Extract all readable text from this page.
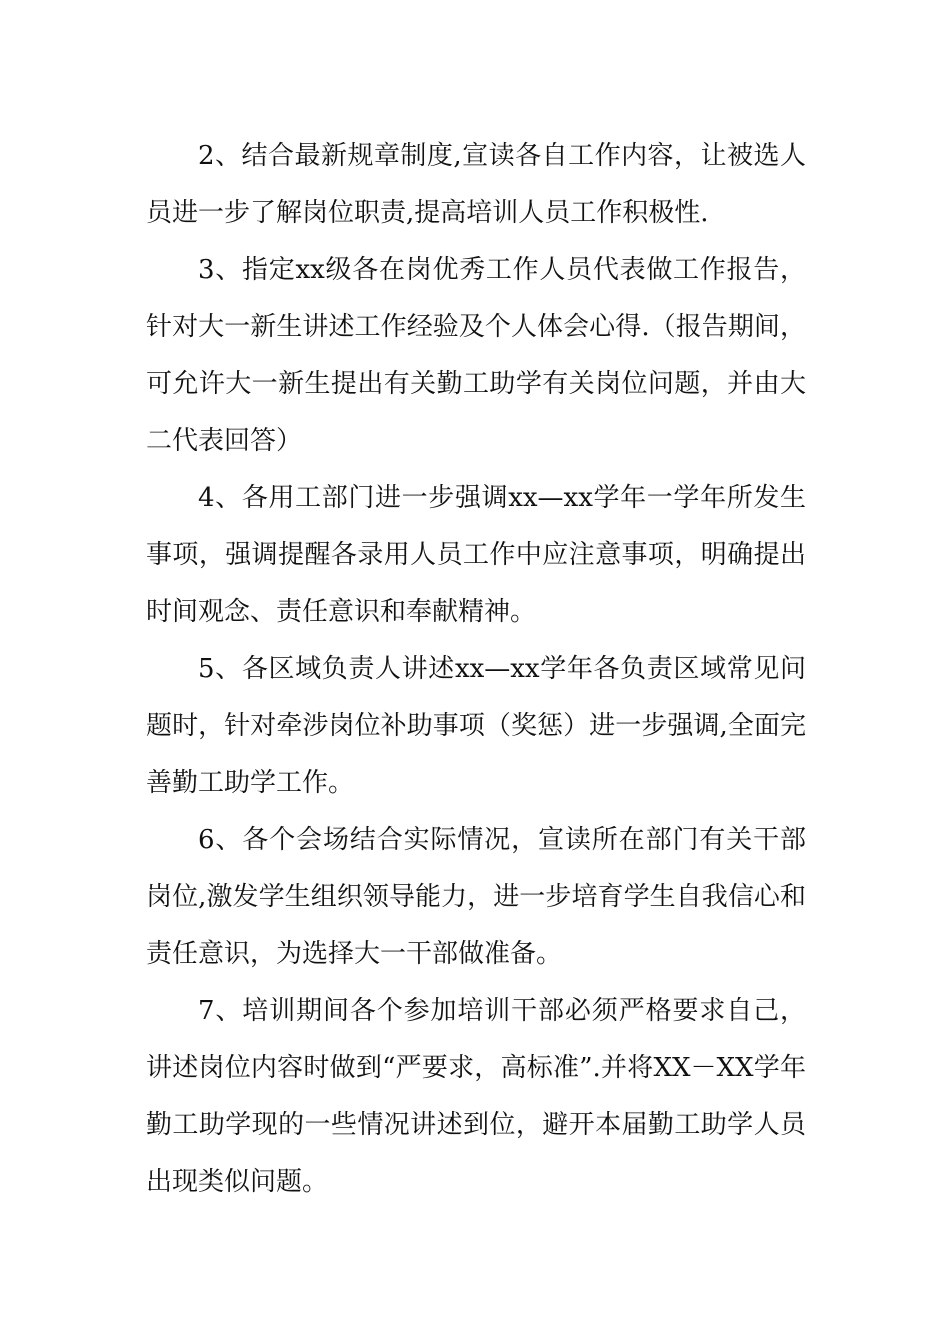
2、结合最新规章制度,宣读各自工作内容，让被选人员进一步了解岗位职责,提高培训人员工作积极性.

3、指定xx级各在岗优秀工作人员代表做工作报告，针对大一新生讲述工作经验及个人体会心得.（报告期间，可允许大一新生提出有关勤工助学有关岗位问题，并由大二代表回答）

4、各用工部门进一步强调xx—xx学年一学年所发生事项，强调提醒各录用人员工作中应注意事项，明确提出时间观念、责任意识和奉献精神。

5、各区域负责人讲述xx—xx学年各负责区域常见问题时，针对牵涉岗位补助事项（奖惩）进一步强调,全面完善勤工助学工作。

6、各个会场结合实际情况，宣读所在部门有关干部岗位,激发学生组织领导能力，进一步培育学生自我信心和责任意识，为选择大一干部做准备。

7、培训期间各个参加培训干部必须严格要求自己，讲述岗位内容时做到“严要求，高标准”.并将XX－XX学年勤工助学现的一些情况讲述到位，避开本届勤工助学人员出现类似问题。
